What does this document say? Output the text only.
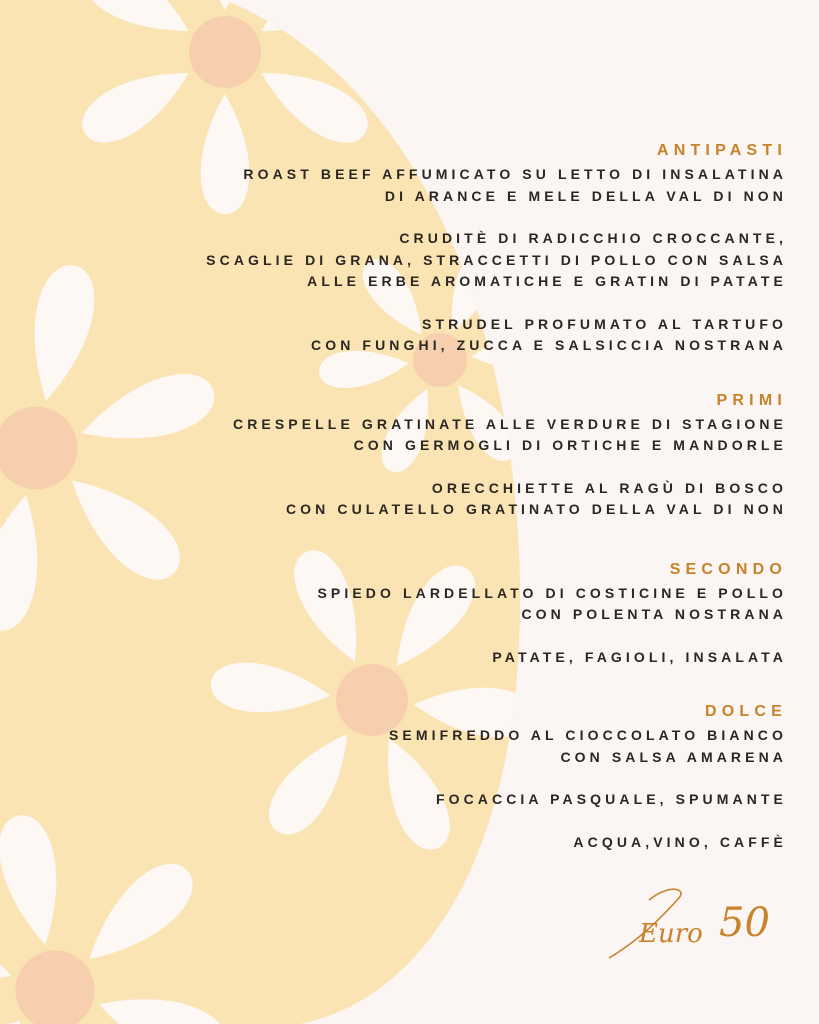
ANTIPASTI

ROAST BEEF AFFUMICATO SU LETTO DI INSALATINA
DI ARANCE E MELE DELLA VAL DI NON
CRUDITÈ DI RADICCHIO CROCCANTE,
SCAGLIE DI GRANA, STRACCETTI DI POLLO CON SALSA
ALLE ERBE AROMATICHE E GRATIN DI PATATE
STRUDEL PROFUMATO AL TARTUFO
CON FUNGHI, ZUCCA E SALSICCIA NOSTRANA

PRIMI

CRESPELLE GRATINATE ALLE VERDURE DI STAGIONE
CON GERMOGLI DI ORTICHE E MANDORLE
ORECCHIETTE AL RAGÙ DI BOSCO
CON CULATELLO GRATINATO DELLA VAL DI NON

SECONDO

SPIEDO LARDELLATO DI COSTICINE E POLLO
CON POLENTA NOSTRANA
PATATE, FAGIOLI, INSALATA

DOLCE

SEMIFREDDO AL CIOCCOLATO BIANCO
CON SALSA AMARENA
FOCACCIA PASQUALE, SPUMANTE
ACQUA,VINO, CAFFÈ
Euro 50
